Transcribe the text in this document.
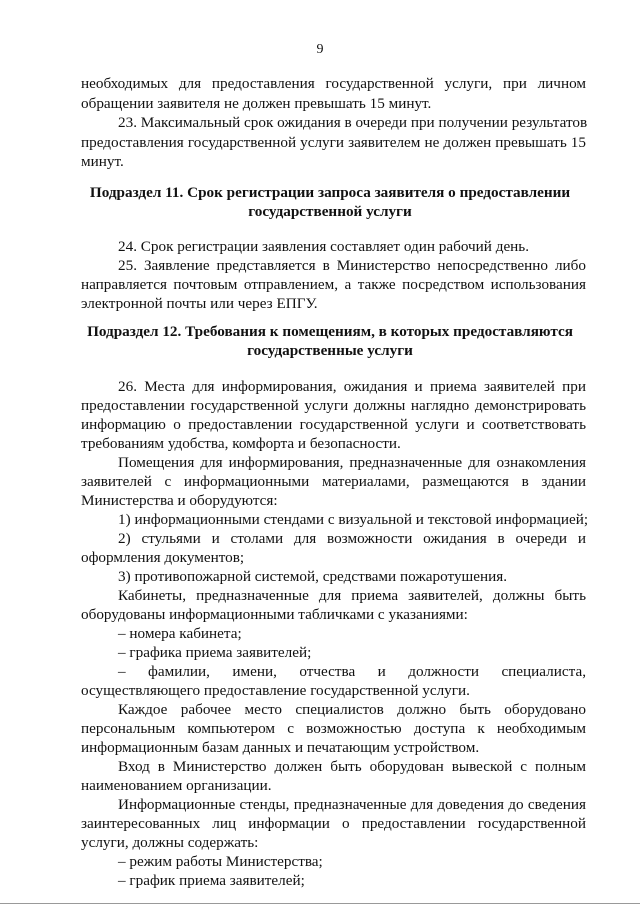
9
необходимых для предоставления государственной услуги, при личном
обращении заявителя не должен превышать 15 минут.
23. Максимальный срок ожидания в очереди при получении результатов
предоставления государственной услуги заявителем не должен превышать 15
минут.
Подраздел 11. Срок регистрации запроса заявителя о предоставлении
государственной услуги
24. Срок регистрации заявления составляет один рабочий день.
25. Заявление представляется в Министерство непосредственно либо
направляется почтовым отправлением, а также посредством использования
электронной почты или через ЕПГУ.
Подраздел 12. Требования к помещениям, в которых предоставляются
государственные услуги
26. Места для информирования, ожидания и приема заявителей при
предоставлении государственной услуги должны наглядно демонстрировать
информацию о предоставлении государственной услуги и соответствовать
требованиям удобства, комфорта и безопасности.
Помещения для информирования, предназначенные для ознакомления
заявителей с информационными материалами, размещаются в здании
Министерства и оборудуются:
1) информационными стендами с визуальной и текстовой информацией;
2) стульями и столами для возможности ожидания в очереди и
оформления документов;
3) противопожарной системой, средствами пожаротушения.
Кабинеты, предназначенные для приема заявителей, должны быть
оборудованы информационными табличками с указаниями:
– номера кабинета;
– графика приема заявителей;
– фамилии, имени, отчества и должности специалиста,
осуществляющего предоставление государственной услуги.
Каждое рабочее место специалистов должно быть оборудовано
персональным компьютером с возможностью доступа к необходимым
информационным базам данных и печатающим устройством.
Вход в Министерство должен быть оборудован вывеской с полным
наименованием организации.
Информационные стенды, предназначенные для доведения до сведения
заинтересованных лиц информации о предоставлении государственной
услуги, должны содержать:
– режим работы Министерства;
– график приема заявителей;
